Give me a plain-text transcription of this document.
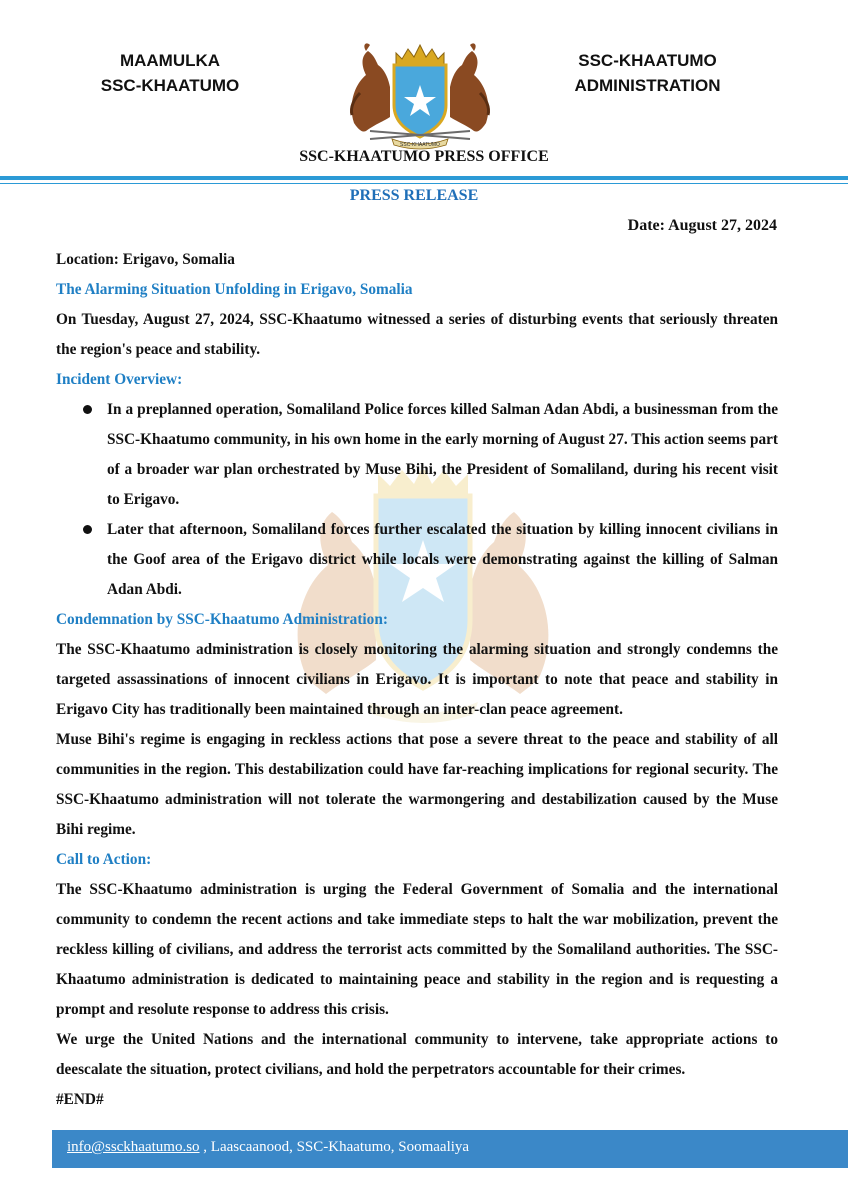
MAAMULKA
SSC-KHAATUMO
SSC-KHAATUMO
SSC-KHAATUMO
ADMINISTRATION
SSC-KHAATUMO PRESS OFFICE
PRESS RELEASE
Date: August 27, 2024

Location: Erigavo, Somalia

The Alarming Situation Unfolding in Erigavo, Somalia

On Tuesday, August 27, 2024, SSC-Khaatumo witnessed a series of disturbing events that seriously threaten the region's peace and stability.

Incident Overview:

In a preplanned operation, Somaliland Police forces killed Salman Adan Abdi, a businessman from the SSC-Khaatumo community, in his own home in the early morning of August 27. This action seems part of a broader war plan orchestrated by Muse Bihi, the President of Somaliland, during his recent visit to Erigavo.
Later that afternoon, Somaliland forces further escalated the situation by killing innocent civilians in the Goof area of the Erigavo district while locals were demonstrating against the killing of Salman Adan Abdi.

Condemnation by SSC-Khaatumo Administration:

The SSC-Khaatumo administration is closely monitoring the alarming situation and strongly condemns the targeted assassinations of innocent civilians in Erigavo. It is important to note that peace and stability in Erigavo City has traditionally been maintained through an inter-clan peace agreement.

Muse Bihi's regime is engaging in reckless actions that pose a severe threat to the peace and stability of all communities in the region. This destabilization could have far-reaching implications for regional security. The SSC-Khaatumo administration will not tolerate the warmongering and destabilization caused by the Muse Bihi regime.

Call to Action:

The SSC-Khaatumo administration is urging the Federal Government of Somalia and the international community to condemn the recent actions and take immediate steps to halt the war mobilization, prevent the reckless killing of civilians, and address the terrorist acts committed by the Somaliland authorities. The SSC-Khaatumo administration is dedicated to maintaining peace and stability in the region and is requesting a prompt and resolute response to address this crisis.

We urge the United Nations and the international community to intervene, take appropriate actions to deescalate the situation, protect civilians, and hold the perpetrators accountable for their crimes.

#END#

info@ssckhaatumo.so , Laascaanood, SSC-Khaatumo, Soomaaliya
